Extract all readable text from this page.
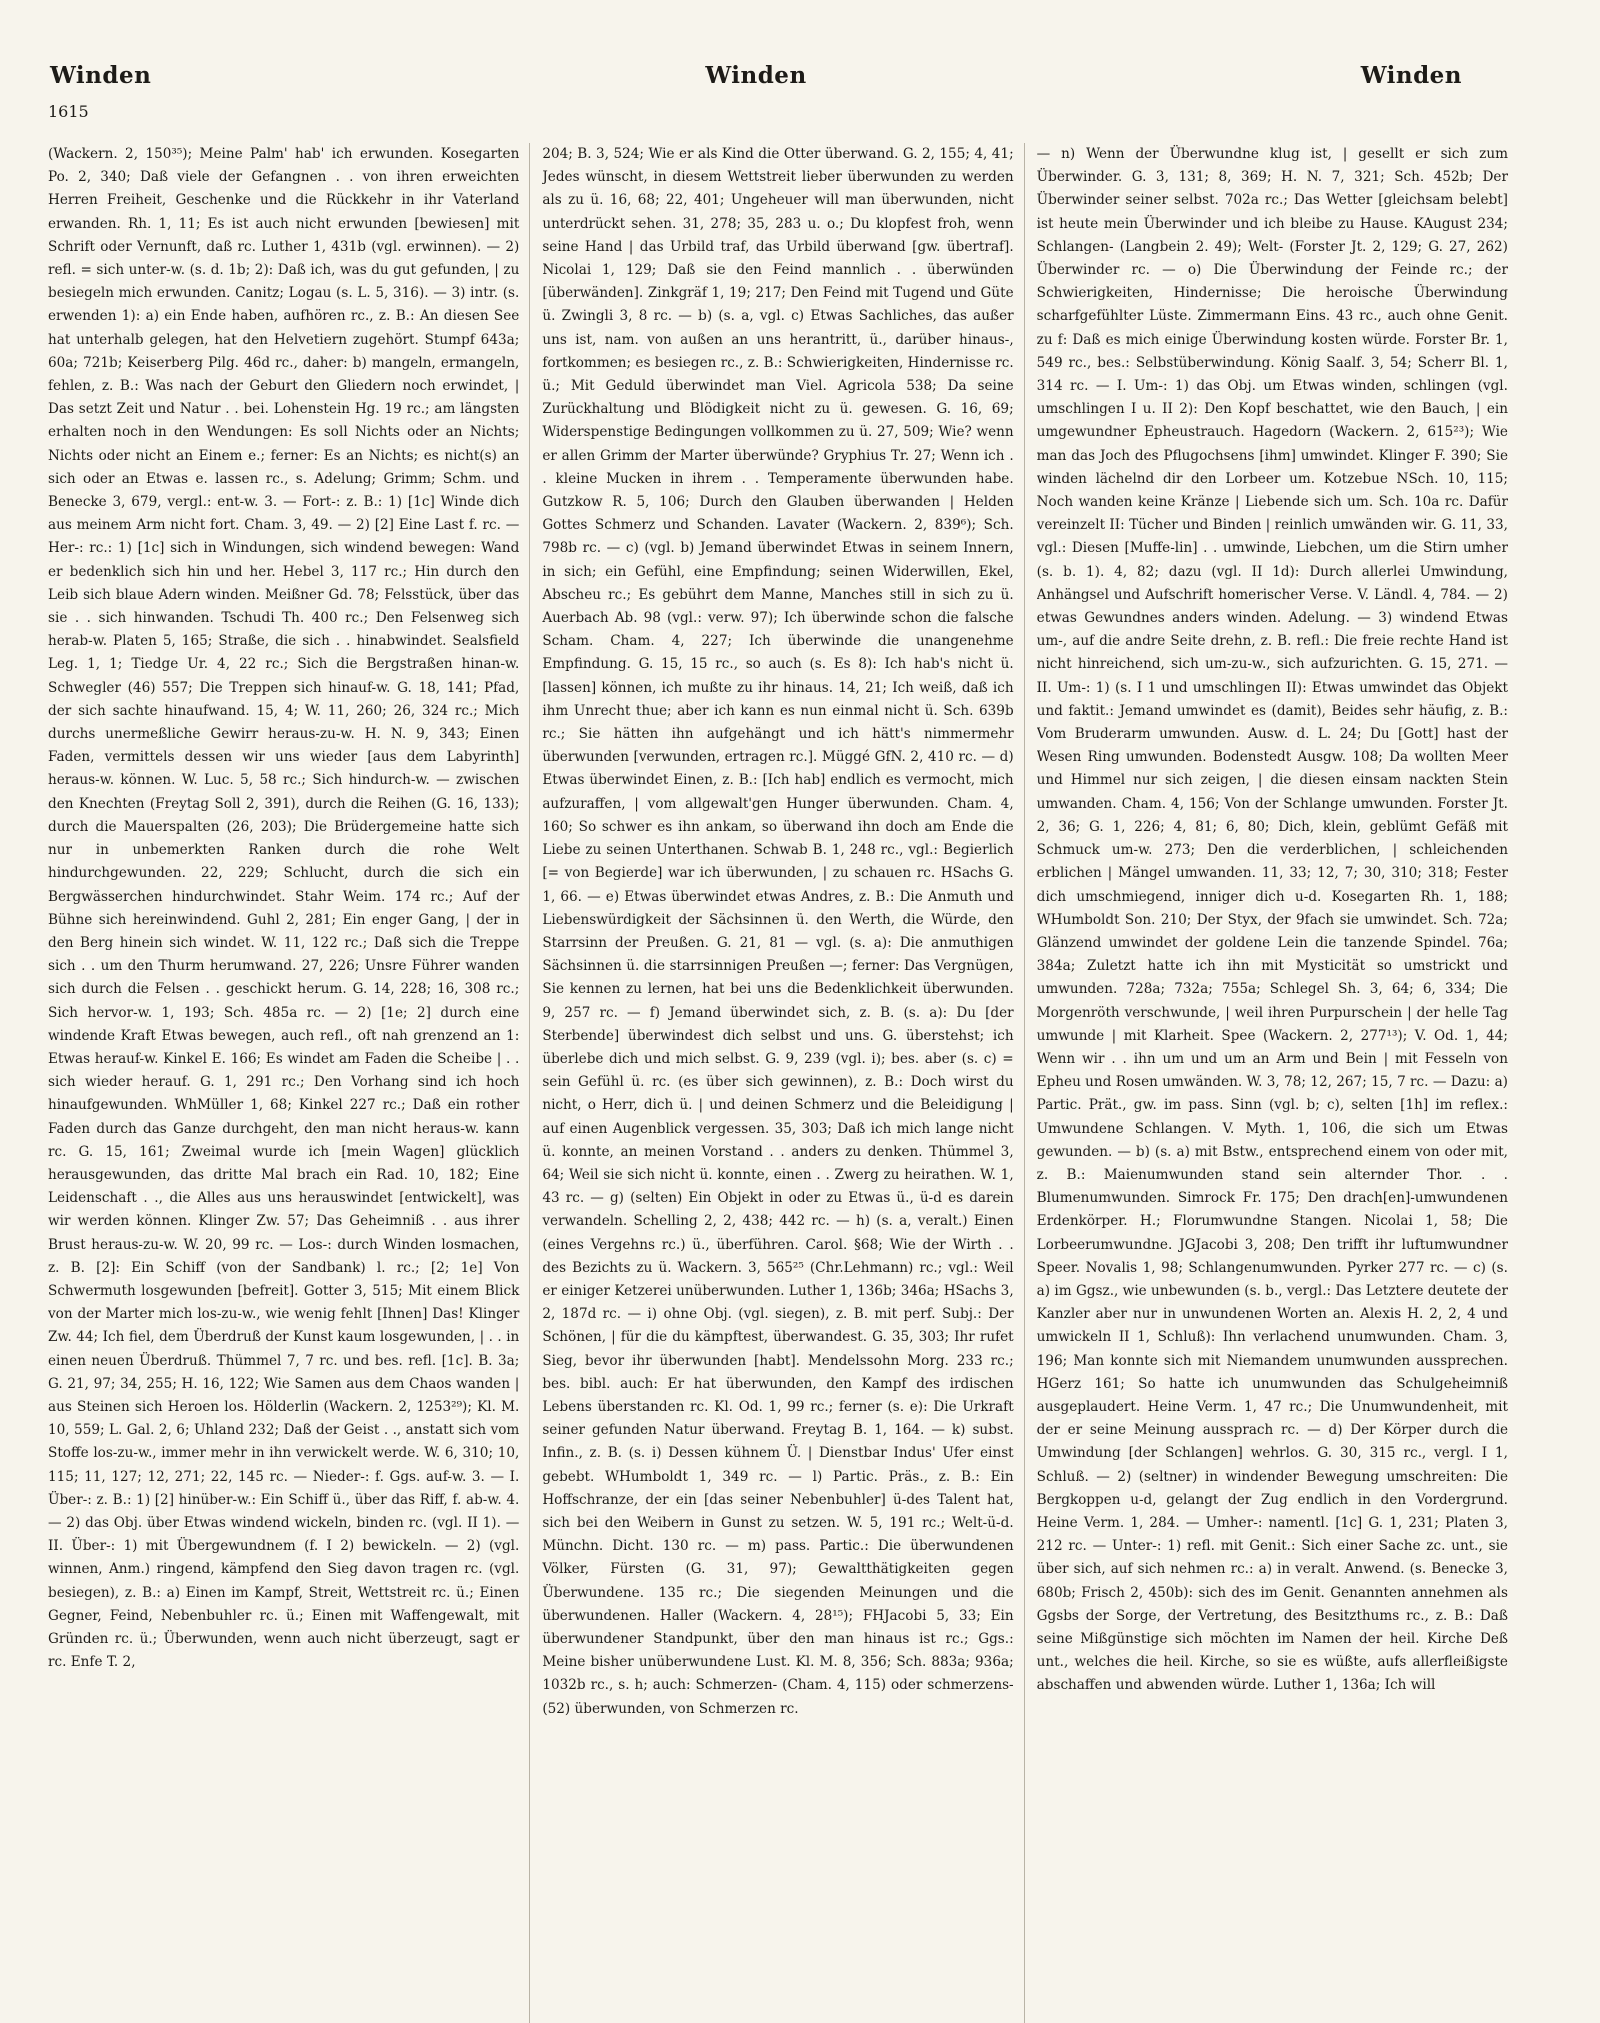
Winden	Winden	Winden
1615

(Wackern. 2, 150³⁵); Meine Palm' hab' ich erwunden. Kosegarten Po. 2, 340; Daß viele der Gefangnen . . von ihren erweichten Herren Freiheit, Geschenke und die Rückkehr in ihr Vaterland erwanden. Rh. 1, 11; Es ist auch nicht erwunden [bewiesen] mit Schrift oder Vernunft, daß rc. Luther 1, 431b (vgl. erwinnen). — 2) refl. = sich unter-w. (s. d. 1b; 2): Daß ich, was du gut gefunden, | zu besiegeln mich erwunden. Canitz; Logau (s. L. 5, 316). — 3) intr. (s. erwenden 1): a) ein Ende haben, aufhören rc., z. B.: An diesen See hat unterhalb gelegen, hat den Helvetiern zugehört. Stumpf 643a; 60a; 721b; Keiserberg Pilg. 46d rc., daher: b) mangeln, ermangeln, fehlen, z. B.: Was nach der Geburt den Gliedern noch erwindet, | Das setzt Zeit und Natur . . bei. Lohenstein Hg. 19 rc.; am längsten erhalten noch in den Wendungen: Es soll Nichts oder an Nichts; Nichts oder nicht an Einem e.; ferner: Es an Nichts; es nicht(s) an sich oder an Etwas e. lassen rc., s. Adelung; Grimm; Schm. und Benecke 3, 679, vergl.: ent-w. 3. — Fort-: z. B.: 1) [1c] Winde dich aus meinem Arm nicht fort. Cham. 3, 49. — 2) [2] Eine Last f. rc. — Her-: rc.: 1) [1c] sich in Windungen, sich windend bewegen: Wand er bedenklich sich hin und her. Hebel 3, 117 rc.; Hin durch den Leib sich blaue Adern winden. Meißner Gd. 78; Felsstück, über das sie . . sich hinwanden. Tschudi Th. 400 rc.; Den Felsenweg sich herab-w. Platen 5, 165; Straße, die sich . . hinabwindet. Sealsfield Leg. 1, 1; Tiedge Ur. 4, 22 rc.; Sich die Bergstraßen hinan-w. Schwegler (46) 557; Die Treppen sich hinauf-w. G. 18, 141; Pfad, der sich sachte hinaufwand. 15, 4; W. 11, 260; 26, 324 rc.; Mich durchs unermeßliche Gewirr heraus-zu-w. H. N. 9, 343; Einen Faden, vermittels dessen wir uns wieder [aus dem Labyrinth] heraus-w. können. W. Luc. 5, 58 rc.; Sich hindurch-w. — zwischen den Knechten (Freytag Soll 2, 391), durch die Reihen (G. 16, 133); durch die Mauerspalten (26, 203); Die Brüdergemeine hatte sich nur in unbemerkten Ranken durch die rohe Welt hindurchgewunden. 22, 229; Schlucht, durch die sich ein Bergwässerchen hindurchwindet. Stahr Weim. 174 rc.; Auf der Bühne sich hereinwindend. Guhl 2, 281; Ein enger Gang, | der in den Berg hinein sich windet. W. 11, 122 rc.; Daß sich die Treppe sich . . um den Thurm herumwand. 27, 226; Unsre Führer wanden sich durch die Felsen . . geschickt herum. G. 14, 228; 16, 308 rc.; Sich hervor-w. 1, 193; Sch. 485a rc. — 2) [1e; 2] durch eine windende Kraft Etwas bewegen, auch refl., oft nah grenzend an 1: Etwas herauf-w. Kinkel E. 166; Es windet am Faden die Scheibe | . . sich wieder herauf. G. 1, 291 rc.; Den Vorhang sind ich hoch hinaufgewunden. WhMüller 1, 68; Kinkel 227 rc.; Daß ein rother Faden durch das Ganze durchgeht, den man nicht heraus-w. kann rc. G. 15, 161; Zweimal wurde ich [mein Wagen] glücklich herausgewunden, das dritte Mal brach ein Rad. 10, 182; Eine Leidenschaft . ., die Alles aus uns herauswindet [entwickelt], was wir werden können. Klinger Zw. 57; Das Geheimniß . . aus ihrer Brust heraus-zu-w. W. 20, 99 rc. — Los-: durch Winden losmachen, z. B. [2]: Ein Schiff (von der Sandbank) l. rc.; [2; 1e] Von Schwermuth losgewunden [befreit]. Gotter 3, 515; Mit einem Blick von der Marter mich los-zu-w., wie wenig fehlt [Ihnen] Das! Klinger Zw. 44; Ich fiel, dem Überdruß der Kunst kaum losgewunden, | . . in einen neuen Überdruß. Thümmel 7, 7 rc. und bes. refl. [1c]. B. 3a; G. 21, 97; 34, 255; H. 16, 122; Wie Samen aus dem Chaos wanden | aus Steinen sich Heroen los. Hölderlin (Wackern. 2, 1253²⁹); Kl. M. 10, 559; L. Gal. 2, 6; Uhland 232; Daß der Geist . ., anstatt sich vom Stoffe los-zu-w., immer mehr in ihn verwickelt werde. W. 6, 310; 10, 115; 11, 127; 12, 271; 22, 145 rc. — Nieder-: f. Ggs. auf-w. 3. — I. Über-: z. B.: 1) [2] hinüber-w.: Ein Schiff ü., über das Riff, f. ab-w. 4. — 2) das Obj. über Etwas windend wickeln, binden rc. (vgl. II 1). — II. Über-: 1) mit Übergewundnem (f. I 2) bewickeln. — 2) (vgl. winnen, Anm.) ringend, kämpfend den Sieg davon tragen rc. (vgl. besiegen), z. B.: a) Einen im Kampf, Streit, Wettstreit rc. ü.; Einen Gegner, Feind, Nebenbuhler rc. ü.; Einen mit Waffengewalt, mit Gründen rc. ü.; Überwunden, wenn auch nicht überzeugt, sagt er rc. Enfe T. 2,

204; B. 3, 524; Wie er als Kind die Otter überwand. G. 2, 155; 4, 41; Jedes wünscht, in diesem Wettstreit lieber überwunden zu werden als zu ü. 16, 68; 22, 401; Ungeheuer will man überwunden, nicht unterdrückt sehen. 31, 278; 35, 283 u. o.; Du klopfest froh, wenn seine Hand | das Urbild traf, das Urbild überwand [gw. übertraf]. Nicolai 1, 129; Daß sie den Feind mannlich . . überwünden [überwänden]. Zinkgräf 1, 19; 217; Den Feind mit Tugend und Güte ü. Zwingli 3, 8 rc. — b) (s. a, vgl. c) Etwas Sachliches, das außer uns ist, nam. von außen an uns herantritt, ü., darüber hinaus-, fortkommen; es besiegen rc., z. B.: Schwierigkeiten, Hindernisse rc. ü.; Mit Geduld überwindet man Viel. Agricola 538; Da seine Zurückhaltung und Blödigkeit nicht zu ü. gewesen. G. 16, 69; Widerspenstige Bedingungen vollkommen zu ü. 27, 509; Wie? wenn er allen Grimm der Marter überwünde? Gryphius Tr. 27; Wenn ich . . kleine Mucken in ihrem . . Temperamente überwunden habe. Gutzkow R. 5, 106; Durch den Glauben überwanden | Helden Gottes Schmerz und Schanden. Lavater (Wackern. 2, 839⁶); Sch. 798b rc. — c) (vgl. b) Jemand überwindet Etwas in seinem Innern, in sich; ein Gefühl, eine Empfindung; seinen Widerwillen, Ekel, Abscheu rc.; Es gebührt dem Manne, Manches still in sich zu ü. Auerbach Ab. 98 (vgl.: verw. 97); Ich überwinde schon die falsche Scham. Cham. 4, 227; Ich überwinde die unangenehme Empfindung. G. 15, 15 rc., so auch (s. Es 8): Ich hab's nicht ü. [lassen] können, ich mußte zu ihr hinaus. 14, 21; Ich weiß, daß ich ihm Unrecht thue; aber ich kann es nun einmal nicht ü. Sch. 639b rc.; Sie hätten ihn aufgehängt und ich hätt's nimmermehr überwunden [verwunden, ertragen rc.]. Müggé GfN. 2, 410 rc. — d) Etwas überwindet Einen, z. B.: [Ich hab] endlich es vermocht, mich aufzuraffen, | vom allgewalt'gen Hunger überwunden. Cham. 4, 160; So schwer es ihn ankam, so überwand ihn doch am Ende die Liebe zu seinen Unterthanen. Schwab B. 1, 248 rc., vgl.: Begierlich [= von Begierde] war ich überwunden, | zu schauen rc. HSachs G. 1, 66. — e) Etwas überwindet etwas Andres, z. B.: Die Anmuth und Liebenswürdigkeit der Sächsinnen ü. den Werth, die Würde, den Starrsinn der Preußen. G. 21, 81 — vgl. (s. a): Die anmuthigen Sächsinnen ü. die starrsinnigen Preußen —; ferner: Das Vergnügen, Sie kennen zu lernen, hat bei uns die Bedenklichkeit überwunden. 9, 257 rc. — f) Jemand überwindet sich, z. B. (s. a): Du [der Sterbende] überwindest dich selbst und uns. G. überstehst; ich überlebe dich und mich selbst. G. 9, 239 (vgl. i); bes. aber (s. c) = sein Gefühl ü. rc. (es über sich gewinnen), z. B.: Doch wirst du nicht, o Herr, dich ü. | und deinen Schmerz und die Beleidigung | auf einen Augenblick vergessen. 35, 303; Daß ich mich lange nicht ü. konnte, an meinen Vorstand . . anders zu denken. Thümmel 3, 64; Weil sie sich nicht ü. konnte, einen . . Zwerg zu heirathen. W. 1, 43 rc. — g) (selten) Ein Objekt in oder zu Etwas ü., ü-d es darein verwandeln. Schelling 2, 2, 438; 442 rc. — h) (s. a, veralt.) Einen (eines Vergehns rc.) ü., überführen. Carol. §68; Wie der Wirth . . des Bezichts zu ü. Wackern. 3, 565²⁵ (Chr.Lehmann) rc.; vgl.: Weil er einiger Ketzerei unüberwunden. Luther 1, 136b; 346a; HSachs 3, 2, 187d rc. — i) ohne Obj. (vgl. siegen), z. B. mit perf. Subj.: Der Schönen, | für die du kämpftest, überwandest. G. 35, 303; Ihr rufet Sieg, bevor ihr überwunden [habt]. Mendelssohn Morg. 233 rc.; bes. bibl. auch: Er hat überwunden, den Kampf des irdischen Lebens überstanden rc. Kl. Od. 1, 99 rc.; ferner (s. e): Die Urkraft seiner gefunden Natur überwand. Freytag B. 1, 164. — k) subst. Infin., z. B. (s. i) Dessen kühnem Ü. | Dienstbar Indus' Ufer einst gebebt. WHumboldt 1, 349 rc. — l) Partic. Präs., z. B.: Ein Hoffschranze, der ein [das seiner Nebenbuhler] ü-des Talent hat, sich bei den Weibern in Gunst zu setzen. W. 5, 191 rc.; Welt-ü-d. Münchn. Dicht. 130 rc. — m) pass. Partic.: Die überwundenen Völker, Fürsten (G. 31, 97); Gewaltthätigkeiten gegen Überwundene. 135 rc.; Die siegenden Meinungen und die überwundenen. Haller (Wackern. 4, 28¹⁵); FHJacobi 5, 33; Ein überwundener Standpunkt, über den man hinaus ist rc.; Ggs.: Meine bisher unüberwundene Lust. Kl. M. 8, 356; Sch. 883a; 936a; 1032b rc., s. h; auch: Schmerzen- (Cham. 4, 115) oder schmerzens- (52) überwunden, von Schmerzen rc.

— n) Wenn der Überwundne klug ist, | gesellt er sich zum Überwinder. G. 3, 131; 8, 369; H. N. 7, 321; Sch. 452b; Der Überwinder seiner selbst. 702a rc.; Das Wetter [gleichsam belebt] ist heute mein Überwinder und ich bleibe zu Hause. KAugust 234; Schlangen- (Langbein 2. 49); Welt- (Forster Jt. 2, 129; G. 27, 262) Überwinder rc. — o) Die Überwindung der Feinde rc.; der Schwierigkeiten, Hindernisse; Die heroische Überwindung scharfgefühlter Lüste. Zimmermann Eins. 43 rc., auch ohne Genit. zu f: Daß es mich einige Überwindung kosten würde. Forster Br. 1, 549 rc., bes.: Selbstüberwindung. König Saalf. 3, 54; Scherr Bl. 1, 314 rc. — I. Um-: 1) das Obj. um Etwas winden, schlingen (vgl. umschlingen I u. II 2): Den Kopf beschattet, wie den Bauch, | ein umgewundner Epheustrauch. Hagedorn (Wackern. 2, 615²³); Wie man das Joch des Pflugochsens [ihm] umwindet. Klinger F. 390; Sie winden lächelnd dir den Lorbeer um. Kotzebue NSch. 10, 115; Noch wanden keine Kränze | Liebende sich um. Sch. 10a rc. Dafür vereinzelt II: Tücher und Binden | reinlich umwänden wir. G. 11, 33, vgl.: Diesen [Muffe-lin] . . umwinde, Liebchen, um die Stirn umher (s. b. 1). 4, 82; dazu (vgl. II 1d): Durch allerlei Umwindung, Anhängsel und Aufschrift homerischer Verse. V. Ländl. 4, 784. — 2) etwas Gewundnes anders winden. Adelung. — 3) windend Etwas um-, auf die andre Seite drehn, z. B. refl.: Die freie rechte Hand ist nicht hinreichend, sich um-zu-w., sich aufzurichten. G. 15, 271. — II. Um-: 1) (s. I 1 und umschlingen II): Etwas umwindet das Objekt und faktit.: Jemand umwindet es (damit), Beides sehr häufig, z. B.: Vom Bruderarm umwunden. Ausw. d. L. 24; Du [Gott] hast der Wesen Ring umwunden. Bodenstedt Ausgw. 108; Da wollten Meer und Himmel nur sich zeigen, | die diesen einsam nackten Stein umwanden. Cham. 4, 156; Von der Schlange umwunden. Forster Jt. 2, 36; G. 1, 226; 4, 81; 6, 80; Dich, klein, geblümt Gefäß mit Schmuck um-w. 273; Den die verderblichen, | schleichenden erblichen | Mängel umwanden. 11, 33; 12, 7; 30, 310; 318; Fester dich umschmiegend, inniger dich u-d. Kosegarten Rh. 1, 188; WHumboldt Son. 210; Der Styx, der 9fach sie umwindet. Sch. 72a; Glänzend umwindet der goldene Lein die tanzende Spindel. 76a; 384a; Zuletzt hatte ich ihn mit Mysticität so umstrickt und umwunden. 728a; 732a; 755a; Schlegel Sh. 3, 64; 6, 334; Die Morgenröth verschwunde, | weil ihren Purpurschein | der helle Tag umwunde | mit Klarheit. Spee (Wackern. 2, 277¹³); V. Od. 1, 44; Wenn wir . . ihn um und um an Arm und Bein | mit Fesseln von Epheu und Rosen umwänden. W. 3, 78; 12, 267; 15, 7 rc. — Dazu: a) Partic. Prät., gw. im pass. Sinn (vgl. b; c), selten [1h] im reflex.: Umwundene Schlangen. V. Myth. 1, 106, die sich um Etwas gewunden. — b) (s. a) mit Bstw., entsprechend einem von oder mit, z. B.: Maienumwunden stand sein alternder Thor. . . Blumenumwunden. Simrock Fr. 175; Den drach[en]-umwundenen Erdenkörper. H.; Florumwundne Stangen. Nicolai 1, 58; Die Lorbeerumwundne. JGJacobi 3, 208; Den trifft ihr luftumwundner Speer. Novalis 1, 98; Schlangenumwunden. Pyrker 277 rc. — c) (s. a) im Ggsz., wie unbewunden (s. b., vergl.: Das Letztere deutete der Kanzler aber nur in unwundenen Worten an. Alexis H. 2, 2, 4 und umwickeln II 1, Schluß): Ihn verlachend unumwunden. Cham. 3, 196; Man konnte sich mit Niemandem unumwunden aussprechen. HGerz 161; So hatte ich unumwunden das Schulgeheimniß ausgeplaudert. Heine Verm. 1, 47 rc.; Die Unumwundenheit, mit der er seine Meinung aussprach rc. — d) Der Körper durch die Umwindung [der Schlangen] wehrlos. G. 30, 315 rc., vergl. I 1, Schluß. — 2) (seltner) in windender Bewegung umschreiten: Die Bergkoppen u-d, gelangt der Zug endlich in den Vordergrund. Heine Verm. 1, 284. — Umher-: namentl. [1c] G. 1, 231; Platen 3, 212 rc. — Unter-: 1) refl. mit Genit.: Sich einer Sache zc. unt., sie über sich, auf sich nehmen rc.: a) in veralt. Anwend. (s. Benecke 3, 680b; Frisch 2, 450b): sich des im Genit. Genannten annehmen als Ggsbs der Sorge, der Vertretung, des Besitzthums rc., z. B.: Daß seine Mißgünstige sich möchten im Namen der heil. Kirche Deß unt., welches die heil. Kirche, so sie es wüßte, aufs allerfleißigste abschaffen und abwenden würde. Luther 1, 136a; Ich will
